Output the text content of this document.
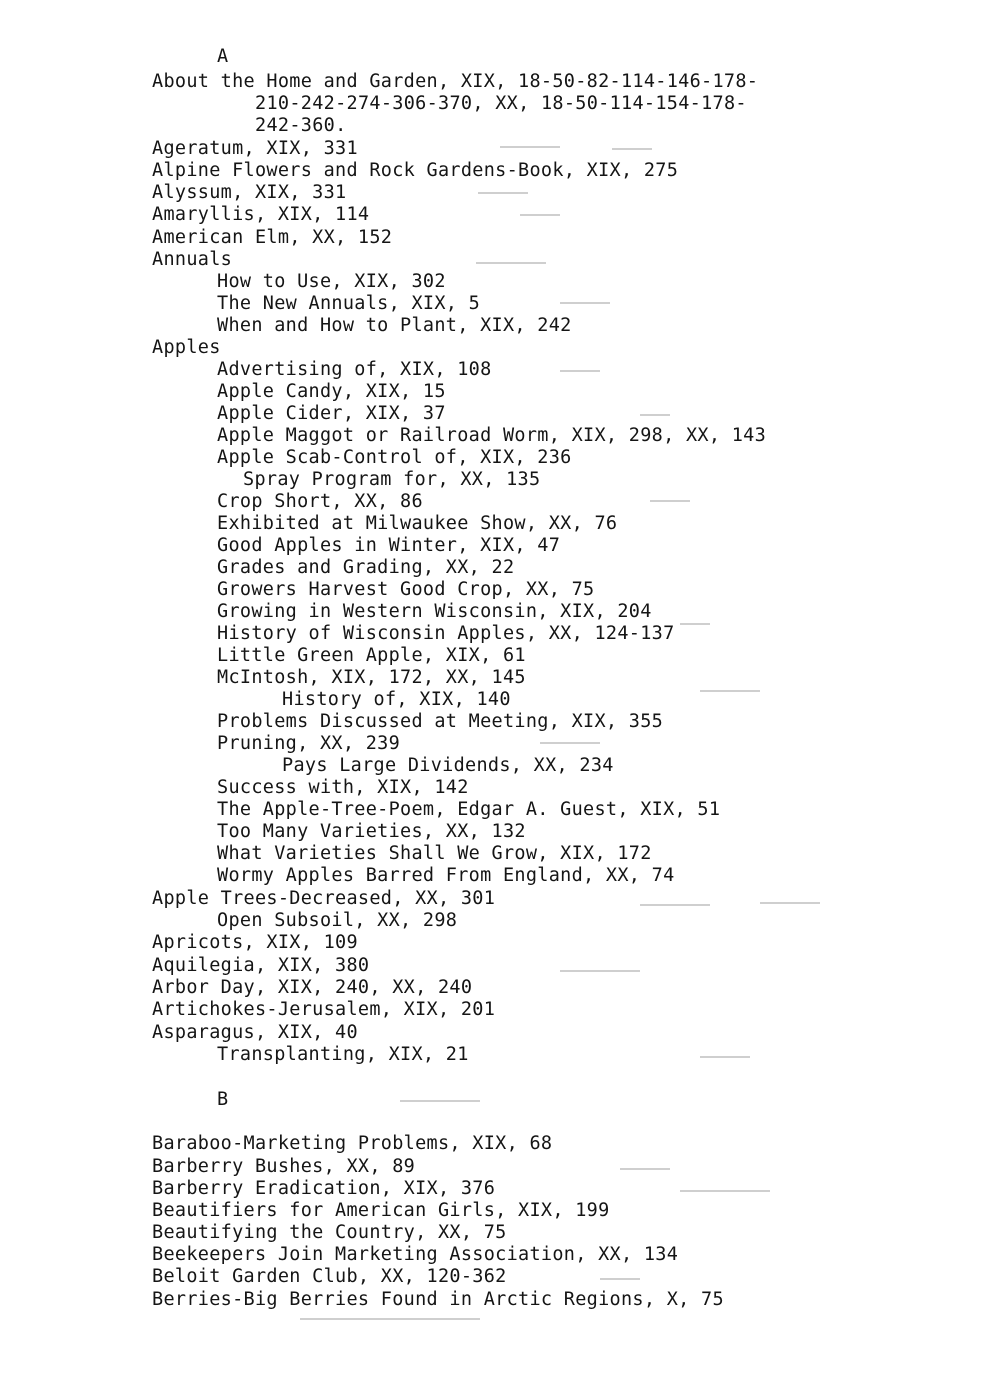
A
About the Home and Garden, XIX, 18-50-82-114-146-178-
210-242-274-306-370, XX, 18-50-114-154-178-
242-360.
Ageratum, XIX, 331
Alpine Flowers and Rock Gardens-Book, XIX, 275
Alyssum, XIX, 331
Amaryllis, XIX, 114
American Elm, XX, 152
Annuals
How to Use, XIX, 302
The New Annuals, XIX, 5
When and How to Plant, XIX, 242
Apples
Advertising of, XIX, 108
Apple Candy, XIX, 15
Apple Cider, XIX, 37
Apple Maggot or Railroad Worm, XIX, 298, XX, 143
Apple Scab-Control of, XIX, 236
Spray Program for, XX, 135
Crop Short, XX, 86
Exhibited at Milwaukee Show, XX, 76
Good Apples in Winter, XIX, 47
Grades and Grading, XX, 22
Growers Harvest Good Crop, XX, 75
Growing in Western Wisconsin, XIX, 204
History of Wisconsin Apples, XX, 124-137
Little Green Apple, XIX, 61
McIntosh, XIX, 172, XX, 145
History of, XIX, 140
Problems Discussed at Meeting, XIX, 355
Pruning, XX, 239
Pays Large Dividends, XX, 234
Success with, XIX, 142
The Apple-Tree-Poem, Edgar A. Guest, XIX, 51
Too Many Varieties, XX, 132
What Varieties Shall We Grow, XIX, 172
Wormy Apples Barred From England, XX, 74
Apple Trees-Decreased, XX, 301
Open Subsoil, XX, 298
Apricots, XIX, 109
Aquilegia, XIX, 380
Arbor Day, XIX, 240, XX, 240
Artichokes-Jerusalem, XIX, 201
Asparagus, XIX, 40
Transplanting, XIX, 21
B
Baraboo-Marketing Problems, XIX, 68
Barberry Bushes, XX, 89
Barberry Eradication, XIX, 376
Beautifiers for American Girls, XIX, 199
Beautifying the Country, XX, 75
Beekeepers Join Marketing Association, XX, 134
Beloit Garden Club, XX, 120-362
Berries-Big Berries Found in Arctic Regions, X, 75
